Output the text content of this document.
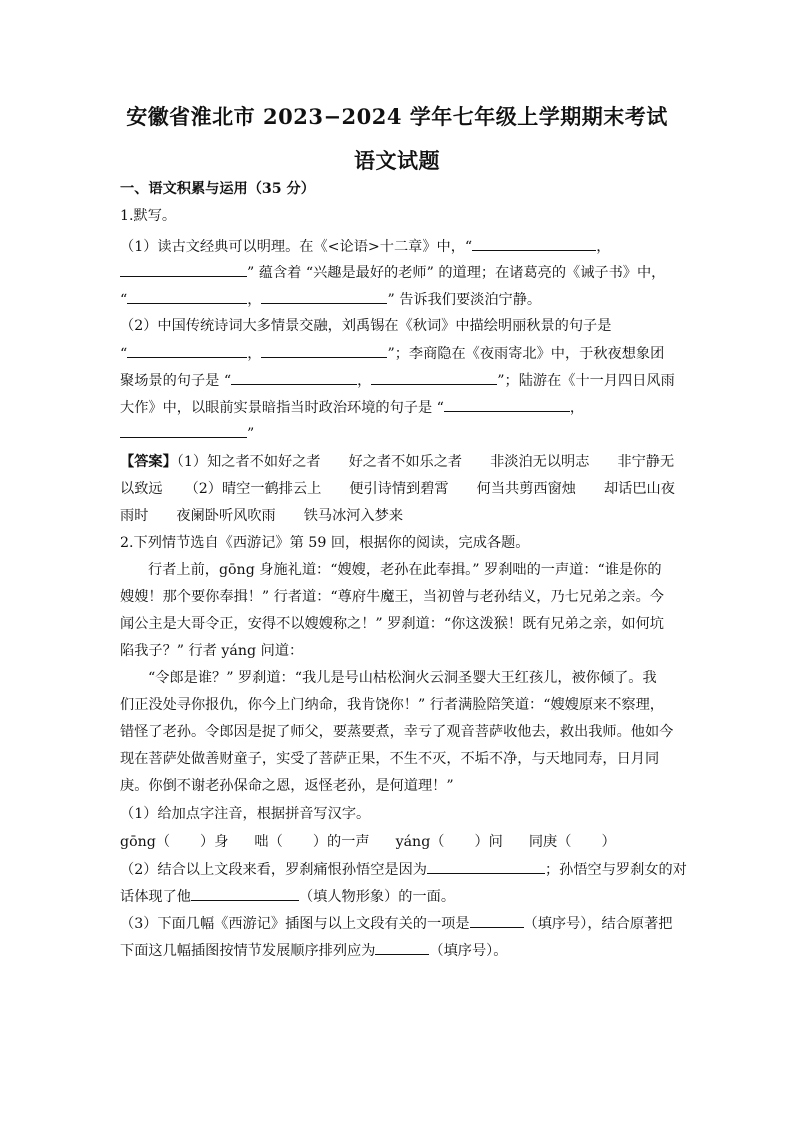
安徽省淮北市 2023−2024 学年七年级上学期期末考试
语文试题
一、语文积累与运用（35 分）
1.默写。
（1）读古文经典可以明理。在《<论语>十二章》中，“	，
” 蕴含着 “兴趣是最好的老师” 的道理；在诸葛亮的《诫子书》中，
“	，	” 告诉我们要淡泊宁静。
（2）中国传统诗词大多情景交融，刘禹锡在《秋词》中描绘明丽秋景的句子是
“	，	”；李商隐在《夜雨寄北》中，于秋夜想象团
聚场景的句子是 “	，	”；陆游在《十一月四日风雨
大作》中，以眼前实景暗指当时政治环境的句子是 “	，
”
【答案】（1）知之者不如好之者 好之者不如乐之者 非淡泊无以明志 非宁静无
以致远 （2）晴空一鹤排云上 便引诗情到碧霄 何当共剪西窗烛 却话巴山夜
雨时 夜阑卧听风吹雨 铁马冰河入梦来
2.下列情节选自《西游记》第 59 回，根据你的阅读，完成各题。
行者上前，gōng 身施礼道：“嫂嫂，老孙在此奉揖。” 罗刹咄的一声道：“谁是你的
嫂嫂！那个要你奉揖！” 行者道：“尊府牛魔王，当初曾与老孙结义，乃七兄弟之亲。今
闻公主是大哥令正，安得不以嫂嫂称之！” 罗刹道：“你这泼猴！既有兄弟之亲，如何坑
陷我子？” 行者 yáng 问道：
“令郎是谁？” 罗刹道：“我儿是号山枯松涧火云洞圣婴大王红孩儿，被你倾了。我
们正没处寻你报仇，你今上门纳命，我肯饶你！” 行者满脸陪笑道：“嫂嫂原来不察理，
错怪了老孙。令郎因是捉了师父，要蒸要煮，幸亏了观音菩萨收他去，救出我师。他如今
现在菩萨处做善财童子，实受了菩萨正果，不生不灭，不垢不净，与天地同寿，日月同
庚。你倒不谢老孙保命之恩，返怪老孙，是何道理！”
（1）给加点字注音，根据拼音写汉字。
gōng（ ）身 咄（ ）的一声 yáng（ ）问 同庚（ ）
（2）结合以上文段来看，罗刹痛恨孙悟空是因为	；孙悟空与罗刹女的对
话体现了他	（填人物形象）的一面。
（3）下面几幅《西游记》插图与以上文段有关的一项是	（填序号），结合原著把
下面这几幅插图按情节发展顺序排列应为	（填序号）。
